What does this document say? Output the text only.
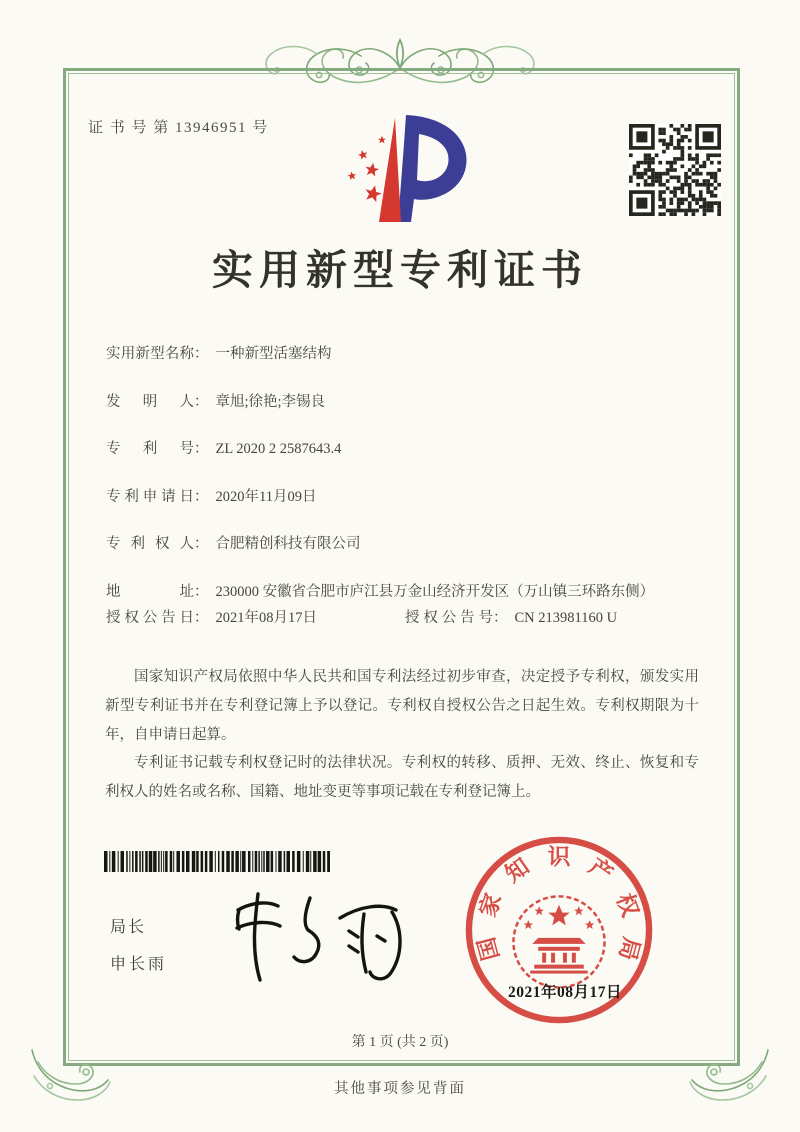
证 书 号 第 13946951 号
实用新型专利证书
实 用 新 型 名 称 ： 一种新型活塞结构
发 明 人 ： 章旭;徐艳;李锡良
专 利 号 ： ZL 2020 2 2587643.4
专 利 申 请 日 ： 2020年11月09日
专 利 权 人 ： 合肥精创科技有限公司
地	址 ： 230000 安徽省合肥市庐江县万金山经济开发区（万山镇三环路东侧）
授 权 公 告 日 ： 2021年08月17日	授 权 公 告 号 ： CN 213981160 U

国家知识产权局依照中华人民共和国专利法经过初步审查，决定授予专利权，颁发实用新型专利证书并在专利登记簿上予以登记。专利权自授权公告之日起生效。专利权期限为十年，自申请日起算。

专利证书记载专利权登记时的法律状况。专利权的转移、质押、无效、终止、恢复和专利权人的姓名或名称、国籍、地址变更等事项记载在专利登记簿上。

局长
申长雨
国
家
知 识 产
权
局
2021年08月17日
第 1 页 (共 2 页)
其他事项参见背面
